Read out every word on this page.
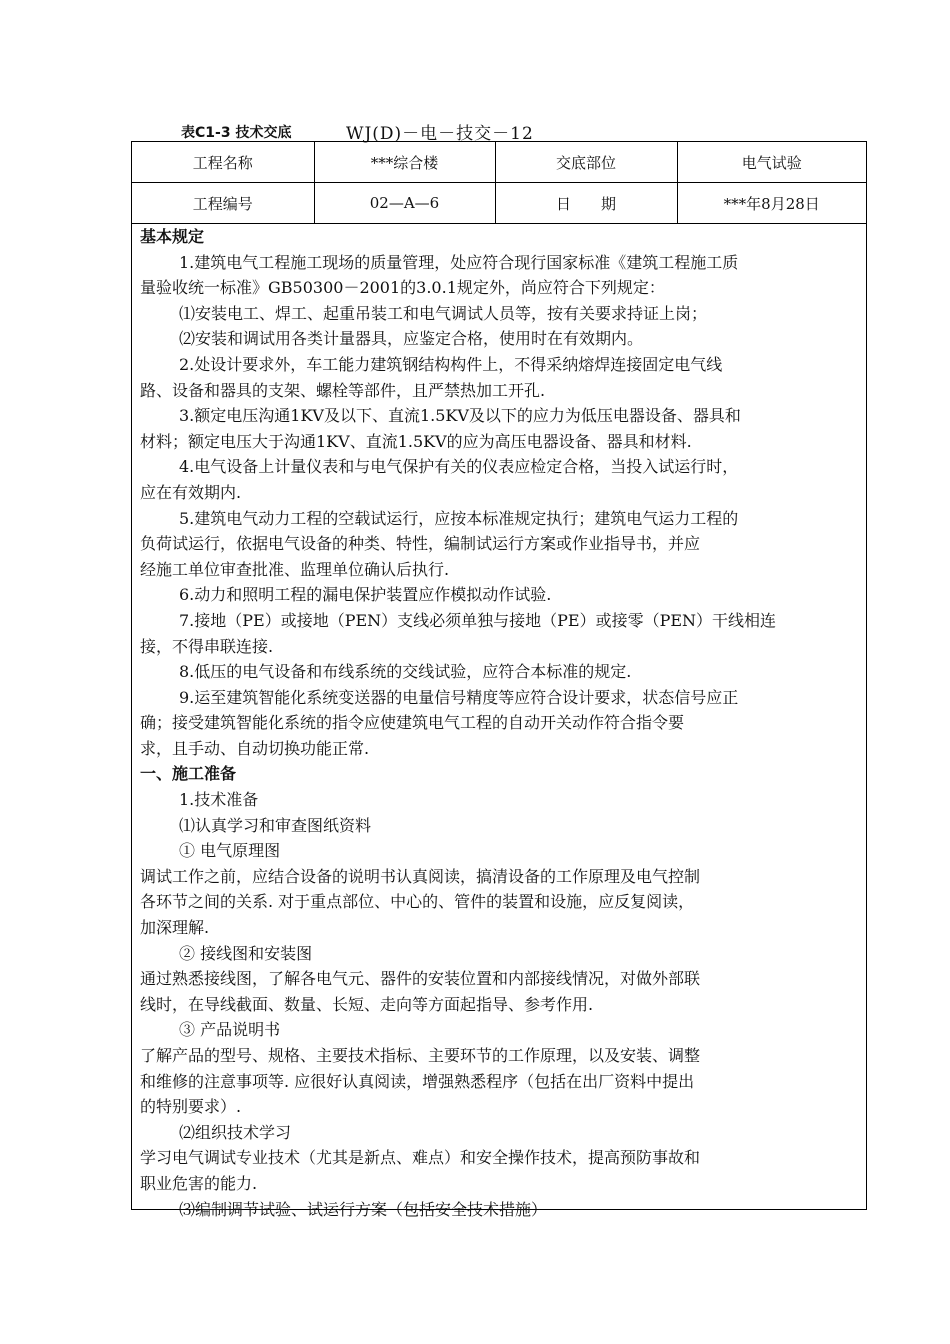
表C1-3 技术交底	WJ(D)－电－技交－12
工程名称	***综合楼	交底部位	电气试验
工程编号	02—A—6	日　　期	***年8月28日
基本规定
1.建筑电气工程施工现场的质量管理，处应符合现行国家标准《建筑工程施工质
量验收统一标准》GB50300－2001的3.0.1规定外，尚应符合下列规定：
⑴安装电工、焊工、起重吊装工和电气调试人员等，按有关要求持证上岗；
⑵安装和调试用各类计量器具，应鉴定合格，使用时在有效期内。
2.处设计要求外，车工能力建筑钢结构构件上，不得采纳熔焊连接固定电气线
路、设备和器具的支架、螺栓等部件，且严禁热加工开孔.
3.额定电压沟通1KV及以下、直流1.5KV及以下的应力为低压电器设备、器具和
材料；额定电压大于沟通1KV、直流1.5KV的应为高压电器设备、器具和材料.
4.电气设备上计量仪表和与电气保护有关的仪表应检定合格，当投入试运行时，
应在有效期内.
5.建筑电气动力工程的空载试运行，应按本标准规定执行；建筑电气运力工程的
负荷试运行，依据电气设备的种类、特性，编制试运行方案或作业指导书，并应
经施工单位审查批准、监理单位确认后执行.
6.动力和照明工程的漏电保护装置应作模拟动作试验.
7.接地（PE）或接地（PEN）支线必须单独与接地（PE）或接零（PEN）干线相连
接，不得串联连接.
8.低压的电气设备和布线系统的交线试验，应符合本标准的规定.
9.运至建筑智能化系统变送器的电量信号精度等应符合设计要求，状态信号应正
确；接受建筑智能化系统的指令应使建筑电气工程的自动开关动作符合指令要
求，且手动、自动切换功能正常.
一、施工准备
1.技术准备
⑴认真学习和审查图纸资料
① 电气原理图
调试工作之前，应结合设备的说明书认真阅读，搞清设备的工作原理及电气控制
各环节之间的关系. 对于重点部位、中心的、管件的装置和设施，应反复阅读，
加深理解.
② 接线图和安装图
通过熟悉接线图，了解各电气元、器件的安装位置和内部接线情况，对做外部联
线时，在导线截面、数量、长短、走向等方面起指导、参考作用.
③ 产品说明书
了解产品的型号、规格、主要技术指标、主要环节的工作原理，以及安装、调整
和维修的注意事项等. 应很好认真阅读，增强熟悉程序（包括在出厂资料中提出
的特别要求）.
⑵组织技术学习
学习电气调试专业技术（尤其是新点、难点）和安全操作技术，提高预防事故和
职业危害的能力.
⑶编制调节试验、试运行方案（包括安全技术措施）
